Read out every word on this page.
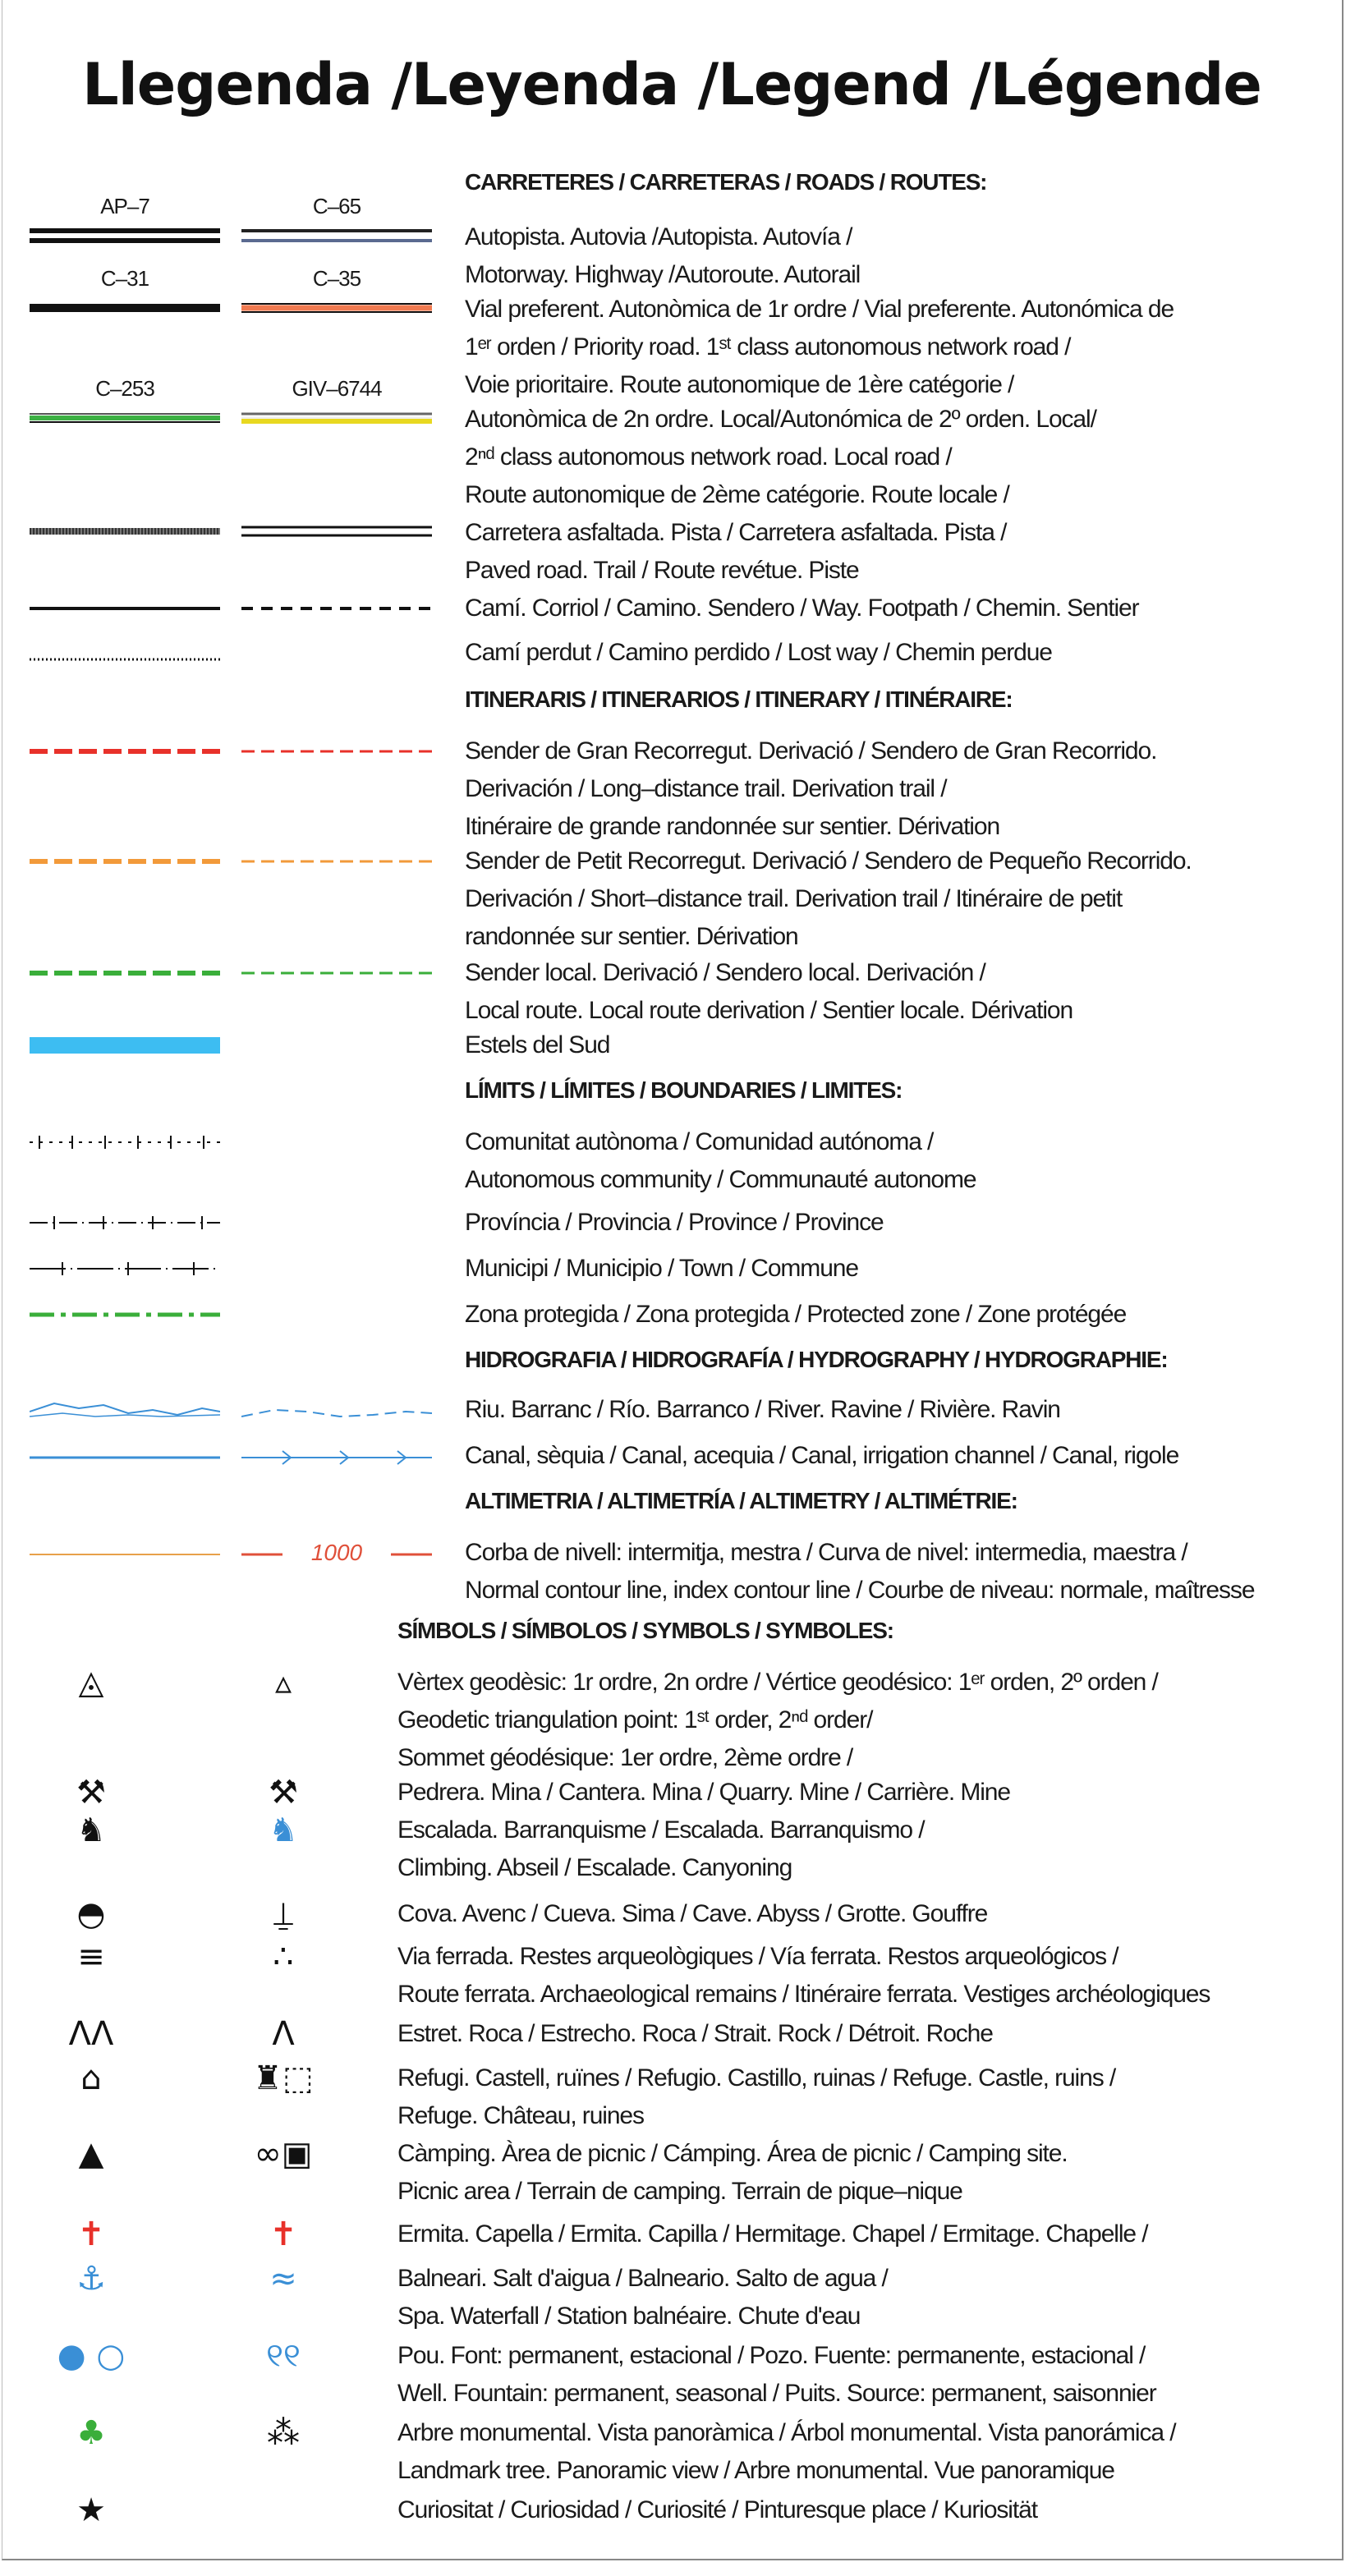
Llegenda /Leyenda /Legend /Légende
CARRETERES / CARRETERAS / ROADS / ROUTES:
AP–7	C–65
Autopista. Autovia /Autopista. Autovía /
Motorway. Highway /Autoroute. Autorail
C–31	C–35
Vial preferent. Autonòmica de 1r ordre / Vial preferente. Autonómica de
1ᵉʳ orden / Priority road. 1ˢᵗ class autonomous network road /
Voie prioritaire. Route autonomique de 1ère catégorie /
C–253	GIV–6744
Autonòmica de 2n ordre. Local/Autonómica de 2º orden. Local/
2ⁿᵈ class autonomous network road. Local road /
Route autonomique de 2ème catégorie. Route locale /
Carretera asfaltada. Pista / Carretera asfaltada. Pista /
Paved road. Trail / Route revétue. Piste
Camí. Corriol / Camino. Sendero / Way. Footpath / Chemin. Sentier
Camí perdut / Camino perdido / Lost way / Chemin perdue
ITINERARIS / ITINERARIOS / ITINERARY / ITINÉRAIRE:
Sender de Gran Recorregut. Derivació / Sendero de Gran Recorrido.
Derivación / Long–distance trail. Derivation trail /
Itinéraire de grande randonnée sur sentier. Dérivation
Sender de Petit Recorregut. Derivació / Sendero de Pequeño Recorrido.
Derivación / Short–distance trail. Derivation trail / Itinéraire de petit
randonnée sur sentier. Dérivation
Sender local. Derivació / Sendero local. Derivación /
Local route. Local route derivation / Sentier locale. Dérivation
Estels del Sud
LÍMITS / LÍMITES / BOUNDARIES / LIMITES:
Comunitat autònoma / Comunidad autónoma /
Autonomous community / Communauté autonome
Província / Provincia / Province / Province
Municipi / Municipio / Town / Commune
Zona protegida / Zona protegida / Protected zone / Zone protégée
HIDROGRAFIA / HIDROGRAFÍA / HYDROGRAPHY / HYDROGRAPHIE:
Riu. Barranc / Río. Barranco / River. Ravine / Rivière. Ravin
Canal, sèquia / Canal, acequia / Canal, irrigation channel / Canal, rigole
ALTIMETRIA / ALTIMETRÍA / ALTIMETRY / ALTIMÉTRIE:
1000	Corba de nivell: intermitja, mestra / Curva de nivel: intermedia, maestra /
Normal contour line, index contour line / Courbe de niveau: normale, maîtresse
SÍMBOLS / SÍMBOLOS / SYMBOLS / SYMBOLES:
◬	▵	Vèrtex geodèsic: 1r ordre, 2n ordre / Vértice geodésico: 1ᵉʳ orden, 2º orden /
Geodetic triangulation point: 1ˢᵗ order, 2ⁿᵈ order/
Sommet géodésique: 1er ordre, 2ème ordre /
⚒	⚒	Pedrera. Mina / Cantera. Mina / Quarry. Mine / Carrière. Mine
♞	♞	Escalada. Barranquisme / Escalada. Barranquismo /
Climbing. Abseil / Escalade. Canyoning
◓	⍊	Cova. Avenc / Cueva. Sima / Cave. Abyss / Grotte. Gouffre
≡	∴	Via ferrada. Restes arqueològiques / Vía ferrata. Restos arqueológicos /
Route ferrata. Archaeological remains / Itinéraire ferrata. Vestiges archéologiques
ΛΛ	Λ	Estret. Roca / Estrecho. Roca / Strait. Rock / Détroit. Roche
⌂	♜⬚	Refugi. Castell, ruïnes / Refugio. Castillo, ruinas / Refuge. Castle, ruins /
Refuge. Château, ruines
▲	∞▣	Càmping. Àrea de picnic / Cámping. Área de picnic / Camping site.
Picnic area / Terrain de camping. Terrain de pique–nique
✝	✝	Ermita. Capella / Ermita. Capilla / Hermitage. Chapel / Ermitage. Chapelle /
⚓	≈	Balneari. Salt d'aigua / Balneario. Salto de agua /
Spa. Waterfall / Station balnéaire. Chute d'eau
● ○	୧୧	Pou. Font: permanent, estacional / Pozo. Fuente: permanente, estacional /
Well. Fountain: permanent, seasonal / Puits. Source: permanent, saisonnier
♣	⁂	Arbre monumental. Vista panoràmica / Árbol monumental. Vista panorámica /
Landmark tree. Panoramic view / Arbre monumental. Vue panoramique
★	Curiositat / Curiosidad / Curiosité / Pinturesque place / Kuriosität
